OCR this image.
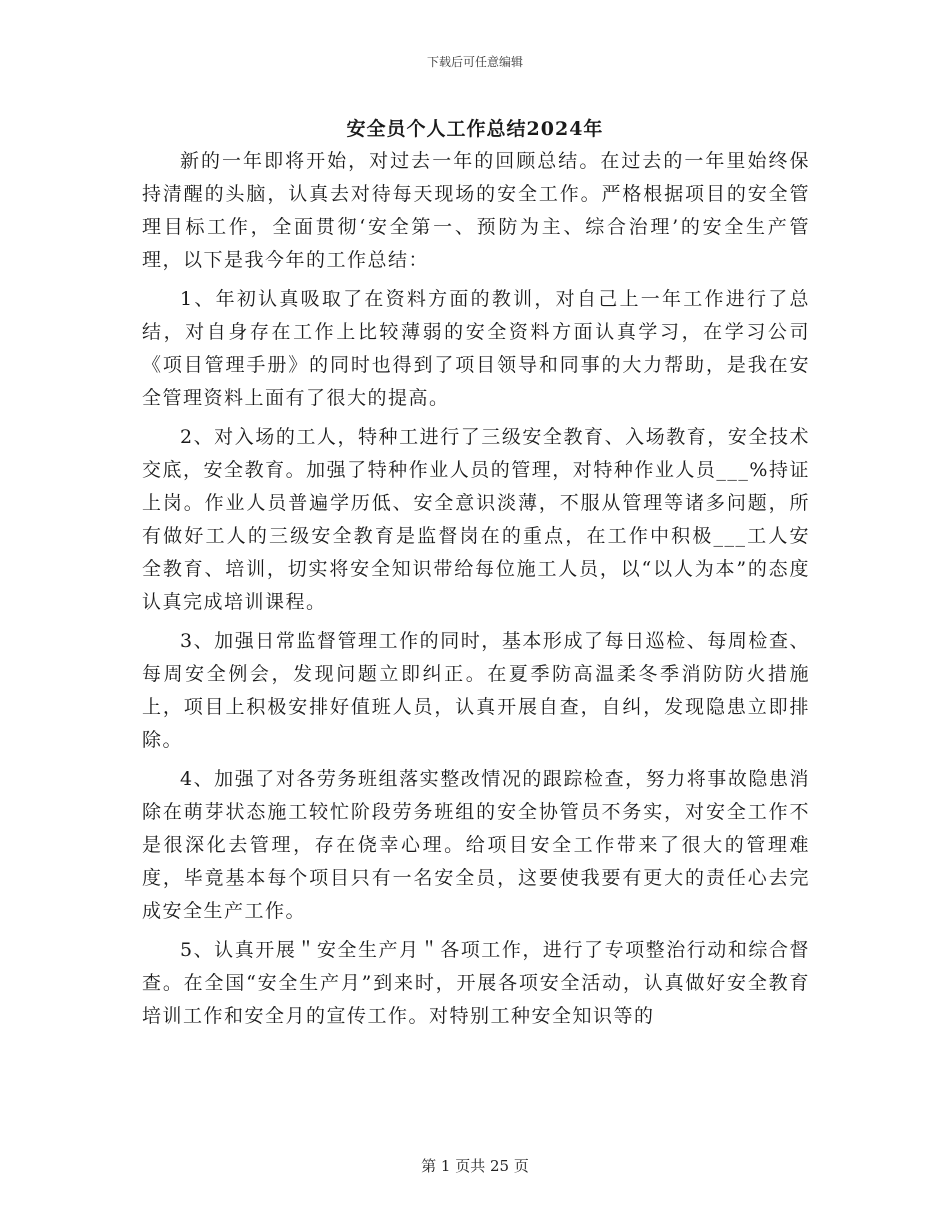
下载后可任意编辑
安全员个人工作总结2024年

新的一年即将开始，对过去一年的回顾总结。在过去的一年里始终保持清醒的头脑，认真去对待每天现场的安全工作。严格根据项目的安全管理目标工作，全面贯彻‘安全第一、预防为主、综合治理’的安全生产管理，以下是我今年的工作总结：

1、年初认真吸取了在资料方面的教训，对自己上一年工作进行了总结，对自身存在工作上比较薄弱的安全资料方面认真学习，在学习公司《项目管理手册》的同时也得到了项目领导和同事的大力帮助，是我在安全管理资料上面有了很大的提高。

2、对入场的工人，特种工进行了三级安全教育、入场教育，安全技术交底，安全教育。加强了特种作业人员的管理，对特种作业人员___%持证上岗。作业人员普遍学历低、安全意识淡薄，不服从管理等诸多问题，所有做好工人的三级安全教育是监督岗在的重点，在工作中积极___工人安全教育、培训，切实将安全知识带给每位施工人员，以“以人为本”的态度认真完成培训课程。

3、加强日常监督管理工作的同时，基本形成了每日巡检、每周检查、每周安全例会，发现问题立即纠正。在夏季防高温柔冬季消防防火措施上，项目上积极安排好值班人员，认真开展自查，自纠，发现隐患立即排除。

4、加强了对各劳务班组落实整改情况的跟踪检查，努力将事故隐患消除在萌芽状态施工较忙阶段劳务班组的安全协管员不务实，对安全工作不是很深化去管理，存在侥幸心理。给项目安全工作带来了很大的管理难度，毕竟基本每个项目只有一名安全员，这要使我要有更大的责任心去完成安全生产工作。

5、认真开展＂安全生产月＂各项工作，进行了专项整治行动和综合督查。在全国“安全生产月”到来时，开展各项安全活动，认真做好安全教育培训工作和安全月的宣传工作。对特别工种安全知识等的

第 1 页共 25 页
